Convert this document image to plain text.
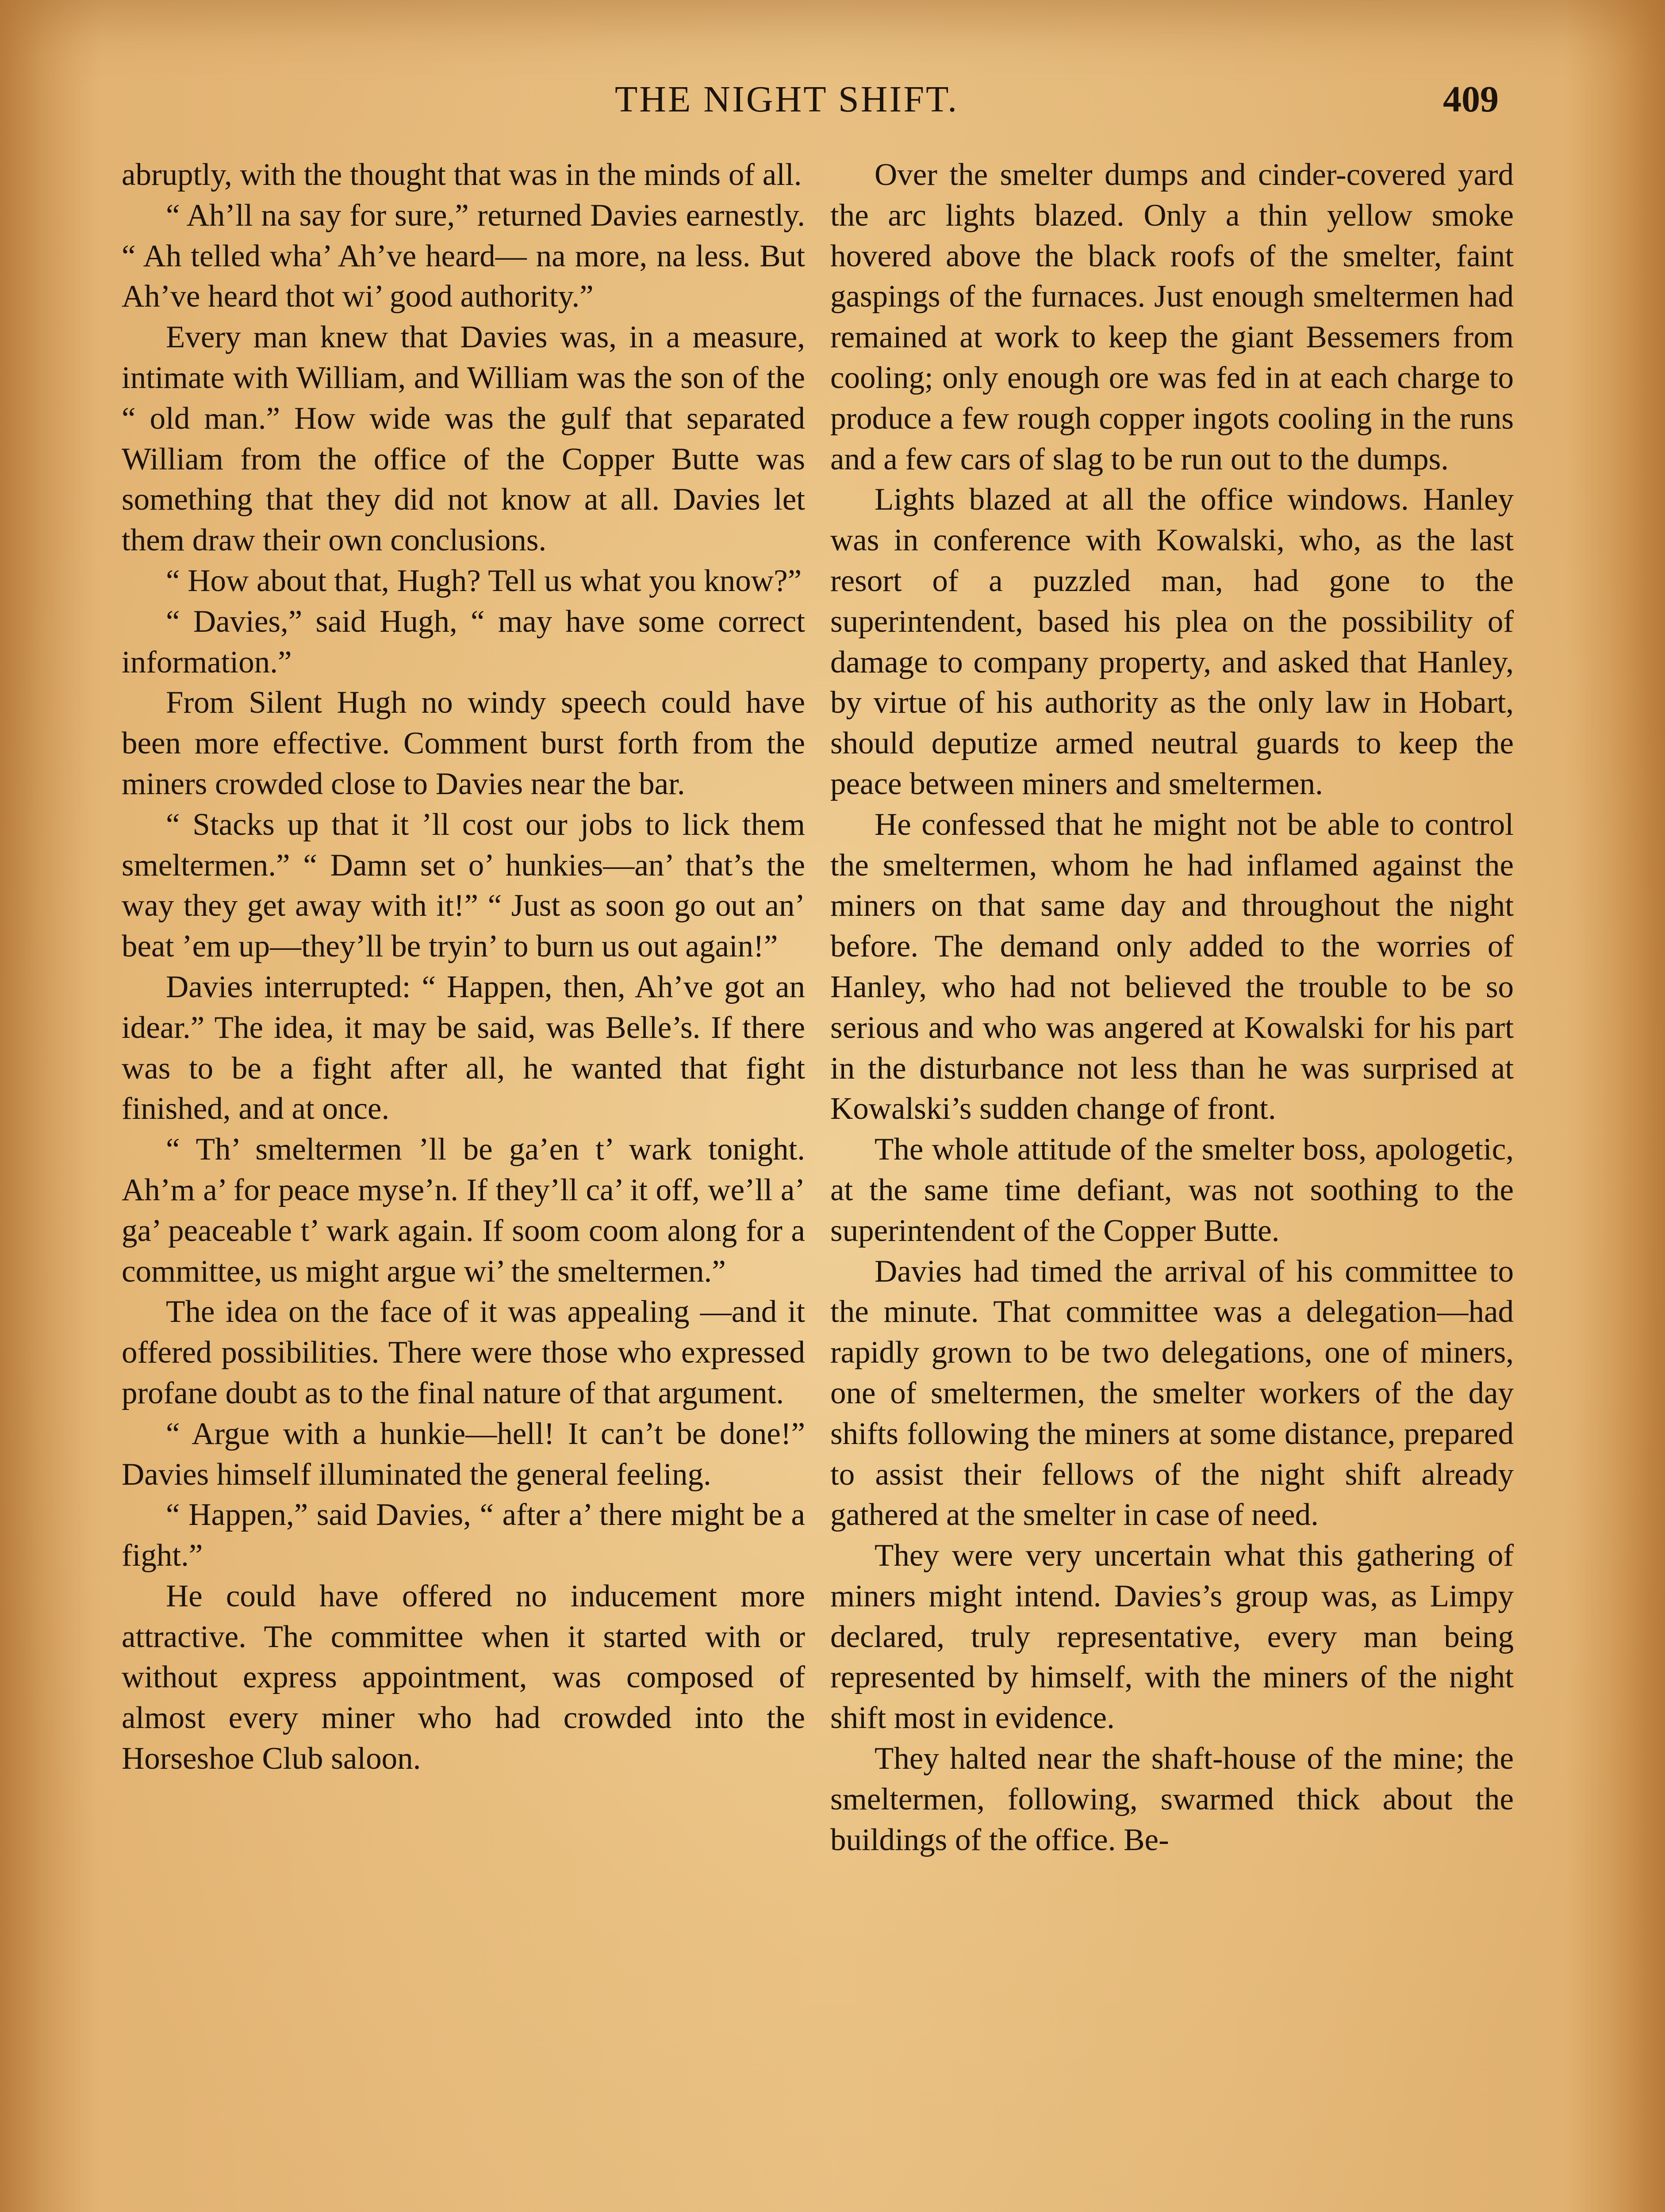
THE NIGHT SHIFT.	409

abruptly, with the thought that was in the minds of all.

“ Ah’ll na say for sure,” returned Davies earnestly. “ Ah telled wha’ Ah’ve heard— na more, na less. But Ah’ve heard thot wi’ good authority.”

Every man knew that Davies was, in a measure, intimate with William, and William was the son of the “ old man.” How wide was the gulf that separated William from the office of the Copper Butte was something that they did not know at all. Davies let them draw their own conclusions.

“ How about that, Hugh? Tell us what you know?”

“ Davies,” said Hugh, “ may have some correct information.”

From Silent Hugh no windy speech could have been more effective. Comment burst forth from the miners crowded close to Davies near the bar.

“ Stacks up that it ’ll cost our jobs to lick them smeltermen.” “ Damn set o’ hunkies—an’ that’s the way they get away with it!” “ Just as soon go out an’ beat ’em up—they’ll be tryin’ to burn us out again!”

Davies interrupted: “ Happen, then, Ah’ve got an idear.” The idea, it may be said, was Belle’s. If there was to be a fight after all, he wanted that fight finished, and at once.

“ Th’ smeltermen ’ll be ga’en t’ wark tonight. Ah’m a’ for peace myse’n. If they’ll ca’ it off, we’ll a’ ga’ peaceable t’ wark again. If soom coom along for a committee, us might argue wi’ the smeltermen.”

The idea on the face of it was appealing —and it offered possibilities. There were those who expressed profane doubt as to the final nature of that argument.

“ Argue with a hunkie—hell! It can’t be done!” Davies himself illuminated the general feeling.

“ Happen,” said Davies, “ after a’ there might be a fight.”

He could have offered no inducement more attractive. The committee when it started with or without express appointment, was composed of almost every miner who had crowded into the Horseshoe Club saloon.

Over the smelter dumps and cinder-covered yard the arc lights blazed. Only a thin yellow smoke hovered above the black roofs of the smelter, faint gaspings of the furnaces. Just enough smeltermen had remained at work to keep the giant Bessemers from cooling; only enough ore was fed in at each charge to produce a few rough copper ingots cooling in the runs and a few cars of slag to be run out to the dumps.

Lights blazed at all the office windows. Hanley was in conference with Kowalski, who, as the last resort of a puzzled man, had gone to the superintendent, based his plea on the possibility of damage to company property, and asked that Hanley, by virtue of his authority as the only law in Hobart, should deputize armed neutral guards to keep the peace between miners and smeltermen.

He confessed that he might not be able to control the smeltermen, whom he had inflamed against the miners on that same day and throughout the night before. The demand only added to the worries of Hanley, who had not believed the trouble to be so serious and who was angered at Kowalski for his part in the disturbance not less than he was surprised at Kowalski’s sudden change of front.

The whole attitude of the smelter boss, apologetic, at the same time defiant, was not soothing to the superintendent of the Copper Butte.

Davies had timed the arrival of his committee to the minute. That committee was a delegation—had rapidly grown to be two delegations, one of miners, one of smeltermen, the smelter workers of the day shifts following the miners at some distance, prepared to assist their fellows of the night shift already gathered at the smelter in case of need.

They were very uncertain what this gathering of miners might intend. Davies’s group was, as Limpy declared, truly representative, every man being represented by himself, with the miners of the night shift most in evidence.

They halted near the shaft-house of the mine; the smeltermen, following, swarmed thick about the buildings of the office. Be-
